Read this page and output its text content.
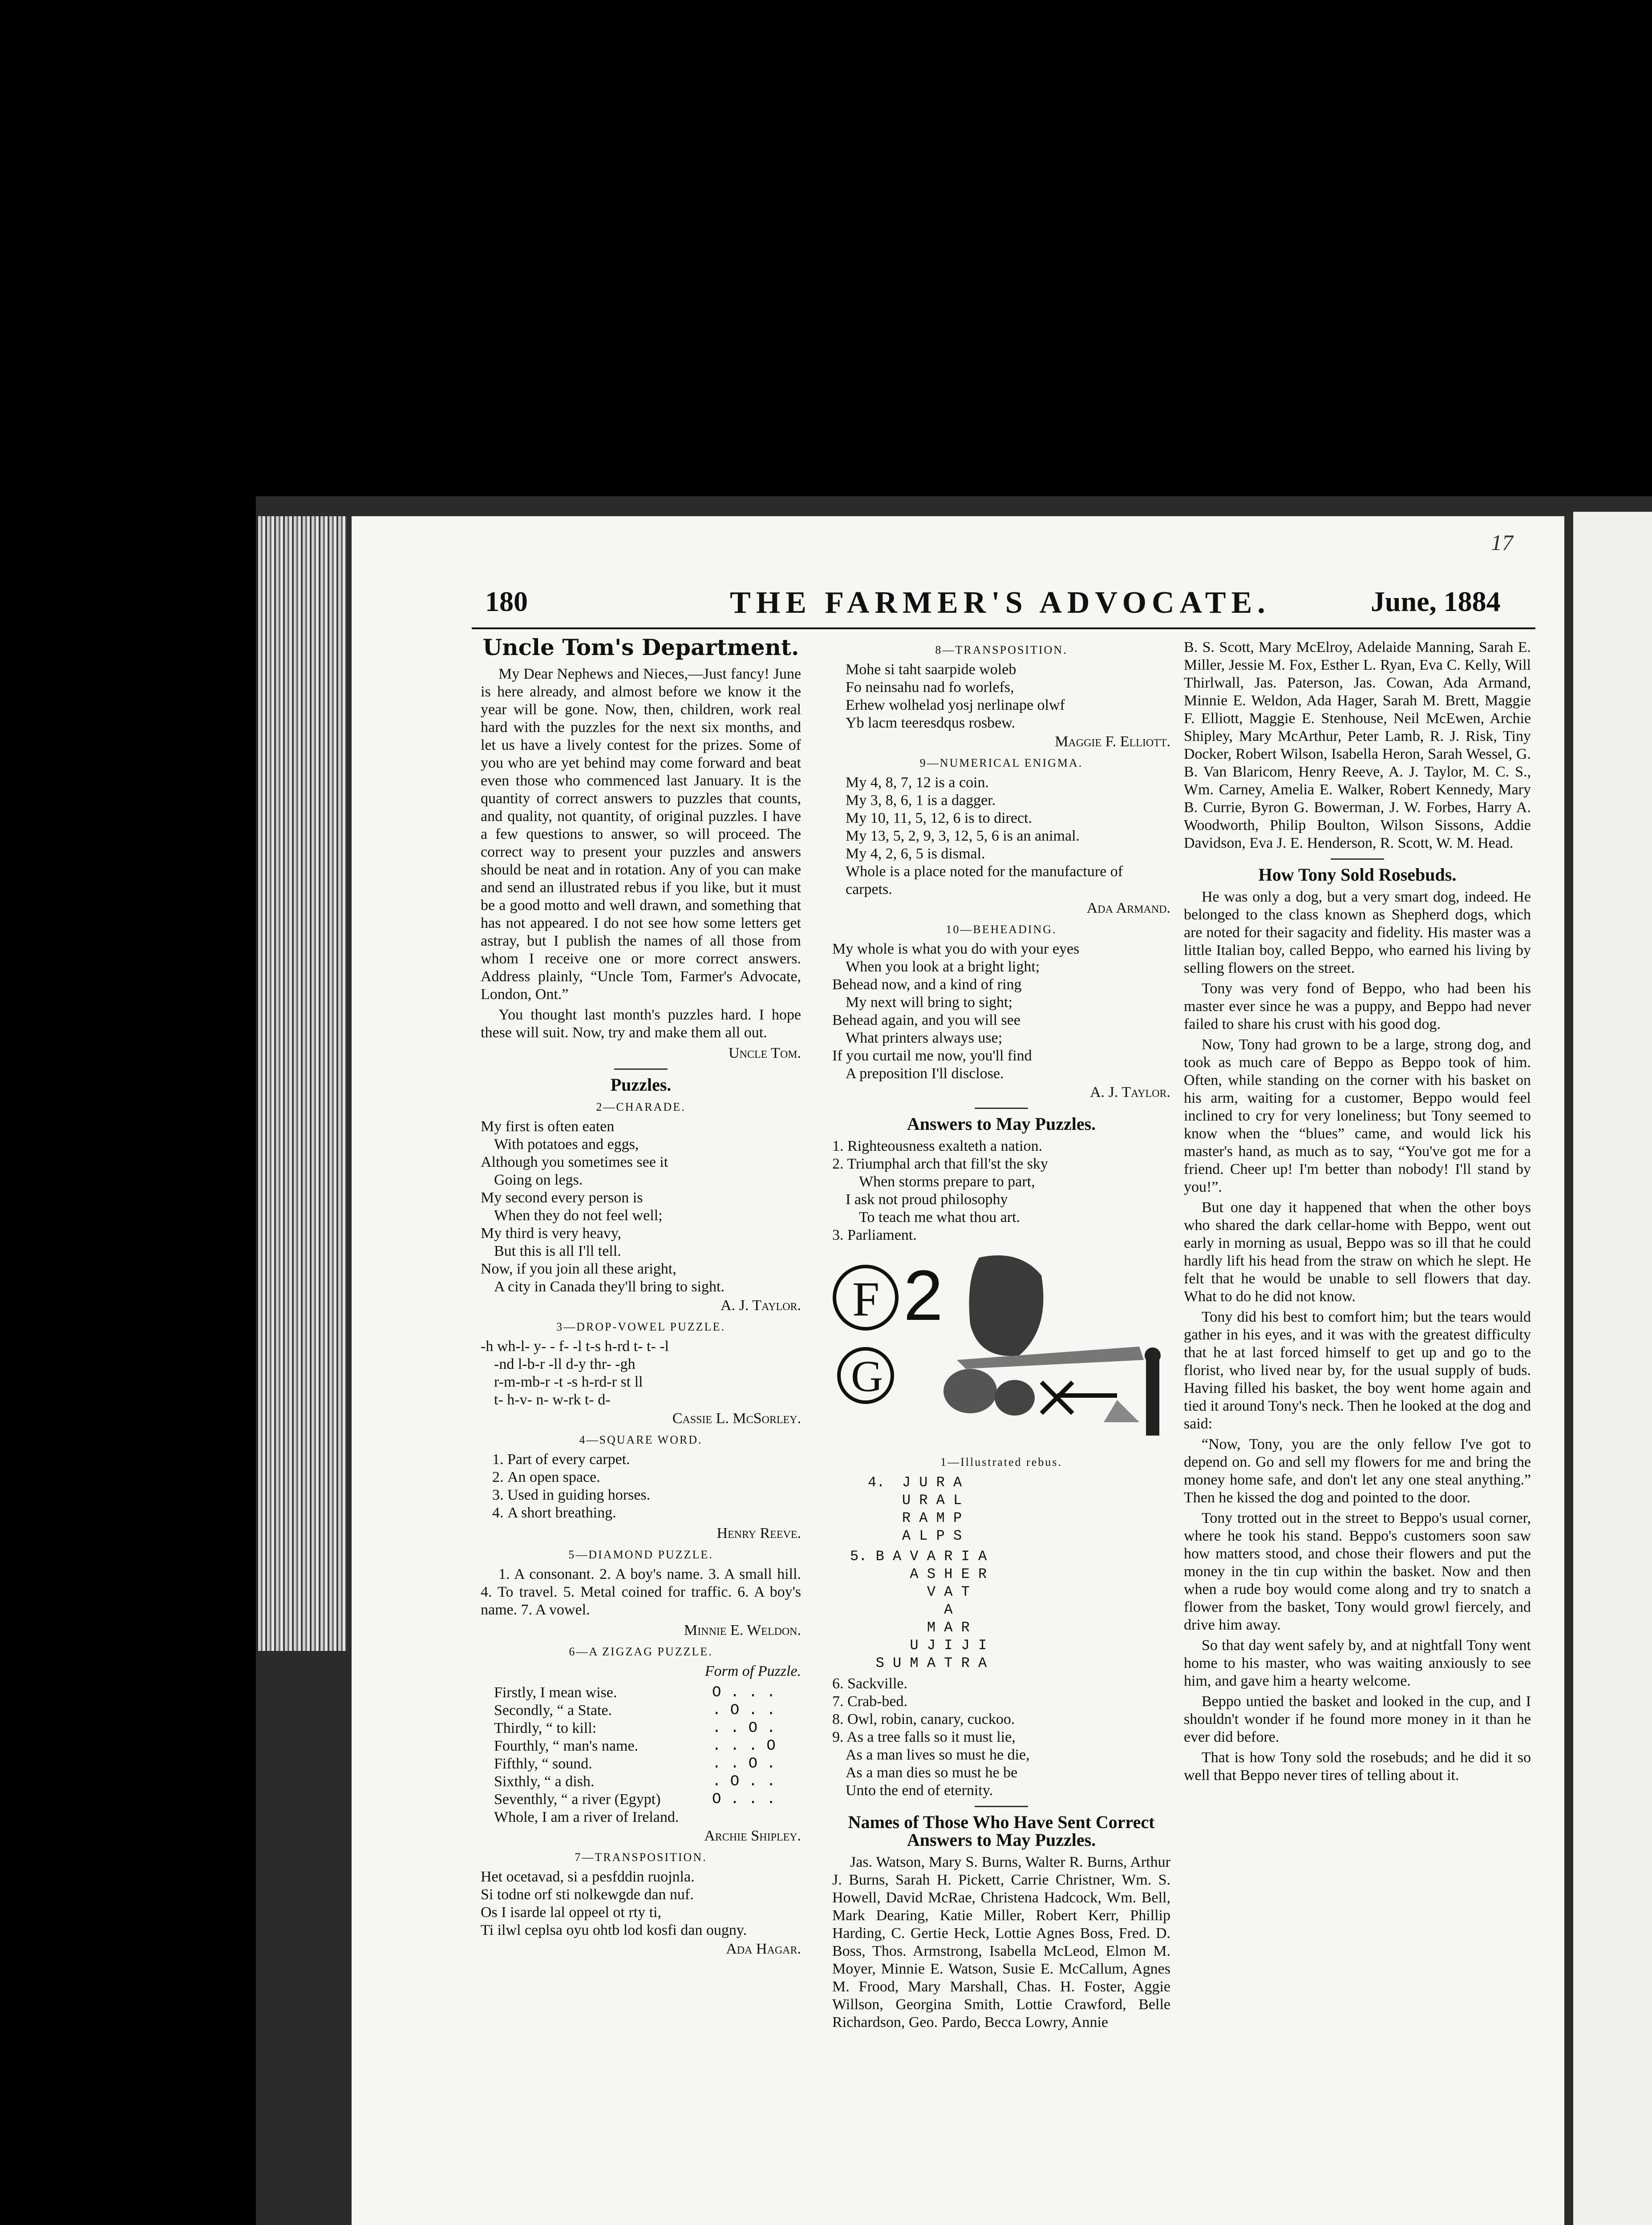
17
180	THE FARMER'S ADVOCATE.	June, 1884
Uncle Tom's Department.

My Dear Nephews and Nieces,—Just fancy! June is here already, and almost before we know it the year will be gone. Now, then, children, work real hard with the puzzles for the next six months, and let us have a lively contest for the prizes. Some of you who are yet behind may come forward and beat even those who commenced last January. It is the quantity of correct answers to puzzles that counts, and quality, not quantity, of original puzzles. I have a few questions to answer, so will proceed. The correct way to present your puzzles and answers should be neat and in rotation. Any of you can make and send an illustrated rebus if you like, but it must be a good motto and well drawn, and something that has not appeared. I do not see how some letters get astray, but I publish the names of all those from whom I receive one or more correct answers. Address plainly, “Uncle Tom, Farmer's Advocate, London, Ont.”

You thought last month's puzzles hard. I hope these will suit. Now, try and make them all out.

Uncle Tom.
Puzzles.
2—CHARADE.
My first is often eaten
With potatoes and eggs,
Although you sometimes see it
Going on legs.
My second every person is
When they do not feel well;
My third is very heavy,
But this is all I'll tell.
Now, if you join all these aright,
A city in Canada they'll bring to sight.
A. J. Taylor.
3—DROP-VOWEL PUZZLE.
-h wh-l- y- - f- -l t-s h-rd t- t- -l
-nd l-b-r -ll d-y thr- -gh
r-m-mb-r -t -s h-rd-r st ll
t- h-v- n- w-rk t- d-
Cassie L. McSorley.
4—SQUARE WORD.
1. Part of every carpet.
2. An open space.
3. Used in guiding horses.
4. A short breathing.
Henry Reeve.
5—DIAMOND PUZZLE.

1. A consonant. 2. A boy's name. 3. A small hill. 4. To travel. 5. Metal coined for traffic. 6. A boy's name. 7. A vowel.

Minnie E. Weldon.
6—A ZIGZAG PUZZLE.
Form of Puzzle.
Firstly, I mean wise.	O . . .
Secondly, “ a State.	. O . .
Thirdly, “ to kill:	. . O .
Fourthly, “ man's name.	. . . O
Fifthly, “ sound.	. . O .
Sixthly, “ a dish.	. O . .
Seventhly, “ a river (Egypt)	O . . .
Whole, I am a river of Ireland.
Archie Shipley.
7—TRANSPOSITION.
Het ocetavad, si a pesfddin ruojnla.
Si todne orf sti nolkewgde dan nuf.
Os I isarde lal oppeel ot rty ti,
Ti ilwl ceplsa oyu ohtb lod kosfi dan ougny.
Ada Hagar.
8—TRANSPOSITION.
Mohe si taht saarpide woleb
Fo neinsahu nad fo worlefs,
Erhew wolhelad yosj nerlinape olwf
Yb lacm teeresdqus rosbew.
Maggie F. Elliott.
9—NUMERICAL ENIGMA.
My 4, 8, 7, 12 is a coin.
My 3, 8, 6, 1 is a dagger.
My 10, 11, 5, 12, 6 is to direct.
My 13, 5, 2, 9, 3, 12, 5, 6 is an animal.
My 4, 2, 6, 5 is dismal.
Whole is a place noted for the manufacture of carpets.
Ada Armand.
10—BEHEADING.
My whole is what you do with your eyes
When you look at a bright light;
Behead now, and a kind of ring
My next will bring to sight;
Behead again, and you will see
What printers always use;
If you curtail me now, you'll find
A preposition I'll disclose.
A. J. Taylor.
Answers to May Puzzles.
1. Righteousness exalteth a nation.
2. Triumphal arch that fill'st the sky
When storms prepare to part,
I ask not proud philosophy
To teach me what thou art.
3. Parliament.
F 2
G
1—Illustrated rebus.
4.  J U R A
U R A L
R A M P
A L P S
5. B A V A R I A
A S H E R
V A T
A
M A R
U J I J I
S U M A T R A
6. Sackville.
7. Crab-bed.
8. Owl, robin, canary, cuckoo.
9. As a tree falls so it must lie,
As a man lives so must he die,
As a man dies so must he be
Unto the end of eternity.
Names of Those Who Have Sent Correct Answers to May Puzzles.

Jas. Watson, Mary S. Burns, Walter R. Burns, Arthur J. Burns, Sarah H. Pickett, Carrie Christner, Wm. S. Howell, David McRae, Christena Hadcock, Wm. Bell, Mark Dearing, Katie Miller, Robert Kerr, Phillip Harding, C. Gertie Heck, Lottie Agnes Boss, Fred. D. Boss, Thos. Armstrong, Isabella McLeod, Elmon M. Moyer, Minnie E. Watson, Susie E. McCallum, Agnes M. Frood, Mary Marshall, Chas. H. Foster, Aggie Willson, Georgina Smith, Lottie Crawford, Belle Richardson, Geo. Pardo, Becca Lowry, Annie

B. S. Scott, Mary McElroy, Adelaide Manning, Sarah E. Miller, Jessie M. Fox, Esther L. Ryan, Eva C. Kelly, Will Thirlwall, Jas. Paterson, Jas. Cowan, Ada Armand, Minnie E. Weldon, Ada Hager, Sarah M. Brett, Maggie F. Elliott, Maggie E. Stenhouse, Neil McEwen, Archie Shipley, Mary McArthur, Peter Lamb, R. J. Risk, Tiny Docker, Robert Wilson, Isabella Heron, Sarah Wessel, G. B. Van Blaricom, Henry Reeve, A. J. Taylor, M. C. S., Wm. Carney, Amelia E. Walker, Robert Kennedy, Mary B. Currie, Byron G. Bowerman, J. W. Forbes, Harry A. Woodworth, Philip Boulton, Wilson Sissons, Addie Davidson, Eva J. E. Henderson, R. Scott, W. M. Head.

How Tony Sold Rosebuds.

He was only a dog, but a very smart dog, indeed. He belonged to the class known as Shepherd dogs, which are noted for their sagacity and fidelity. His master was a little Italian boy, called Beppo, who earned his living by selling flowers on the street.

Tony was very fond of Beppo, who had been his master ever since he was a puppy, and Beppo had never failed to share his crust with his good dog.

Now, Tony had grown to be a large, strong dog, and took as much care of Beppo as Beppo took of him. Often, while standing on the corner with his basket on his arm, waiting for a customer, Beppo would feel inclined to cry for very loneliness; but Tony seemed to know when the “blues” came, and would lick his master's hand, as much as to say, “You've got me for a friend. Cheer up! I'm better than nobody! I'll stand by you!”.

But one day it happened that when the other boys who shared the dark cellar-home with Beppo, went out early in morning as usual, Beppo was so ill that he could hardly lift his head from the straw on which he slept. He felt that he would be unable to sell flowers that day. What to do he did not know.

Tony did his best to comfort him; but the tears would gather in his eyes, and it was with the greatest difficulty that he at last forced himself to get up and go to the florist, who lived near by, for the usual supply of buds. Having filled his basket, the boy went home again and tied it around Tony's neck. Then he looked at the dog and said:

“Now, Tony, you are the only fellow I've got to depend on. Go and sell my flowers for me and bring the money home safe, and don't let any one steal anything.” Then he kissed the dog and pointed to the door.

Tony trotted out in the street to Beppo's usual corner, where he took his stand. Beppo's customers soon saw how matters stood, and chose their flowers and put the money in the tin cup within the basket. Now and then when a rude boy would come along and try to snatch a flower from the basket, Tony would growl fiercely, and drive him away.

So that day went safely by, and at nightfall Tony went home to his master, who was waiting anxiously to see him, and gave him a hearty welcome.

Beppo untied the basket and looked in the cup, and I shouldn't wonder if he found more money in it than he ever did before.

That is how Tony sold the rosebuds; and he did it so well that Beppo never tires of telling about it.
